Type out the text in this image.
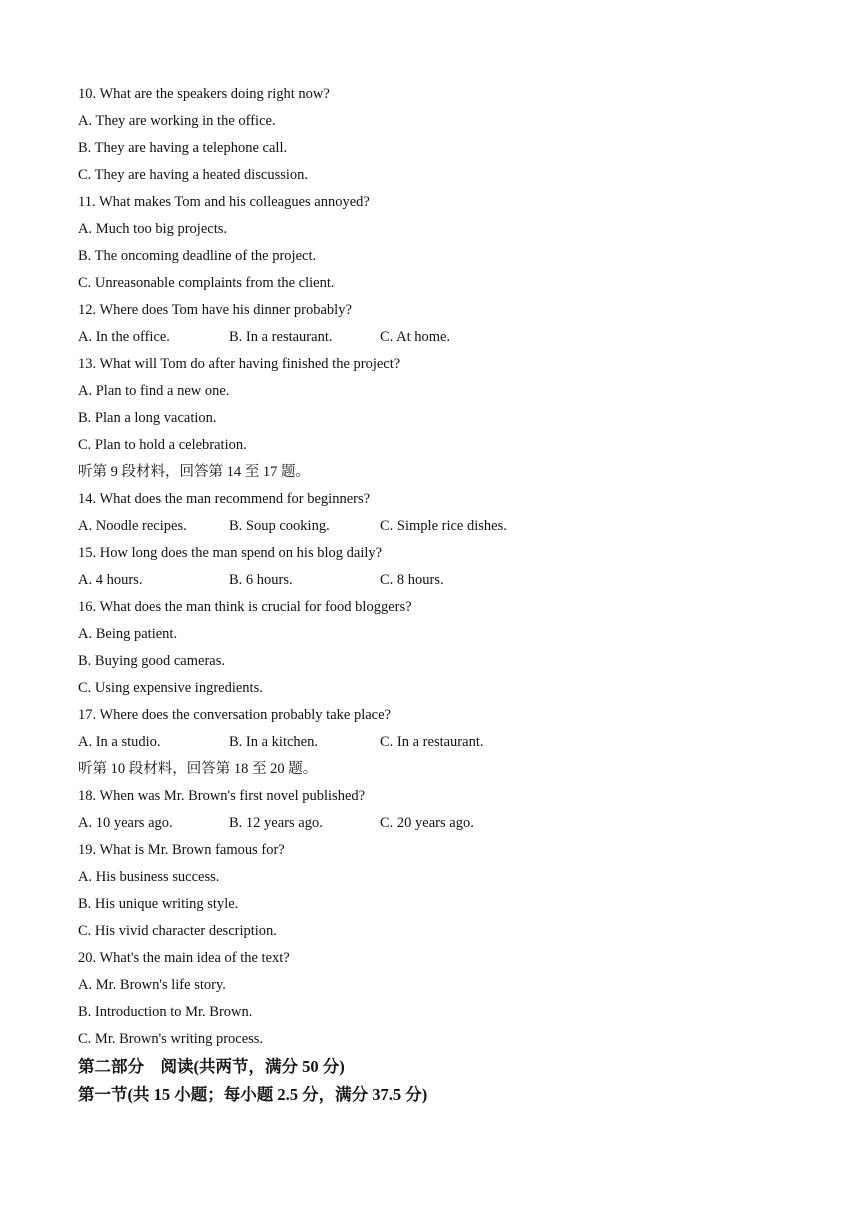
10. What are the speakers doing right now?
A. They are working in the office.
B. They are having a telephone call.
C. They are having a heated discussion.
11. What makes Tom and his colleagues annoyed?
A. Much too big projects.
B. The oncoming deadline of the project.
C. Unreasonable complaints from the client.
12. Where does Tom have his dinner probably?
A. In the office.	B. In a restaurant.	C. At home.
13. What will Tom do after having finished the project?
A. Plan to find a new one.
B. Plan a long vacation.
C. Plan to hold a celebration.
听第 9 段材料，回答第 14 至 17 题。
14. What does the man recommend for beginners?
A. Noodle recipes.	B. Soup cooking.	C. Simple rice dishes.
15. How long does the man spend on his blog daily?
A. 4 hours.	B. 6 hours.	C. 8 hours.
16. What does the man think is crucial for food bloggers?
A. Being patient.
B. Buying good cameras.
C. Using expensive ingredients.
17. Where does the conversation probably take place?
A. In a studio.	B. In a kitchen.	C. In a restaurant.
听第 10 段材料，回答第 18 至 20 题。
18. When was Mr. Brown's first novel published?
A. 10 years ago.	B. 12 years ago.	C. 20 years ago.
19. What is Mr. Brown famous for?
A. His business success.
B. His unique writing style.
C. His vivid character description.
20. What's the main idea of the text?
A. Mr. Brown's life story.
B. Introduction to Mr. Brown.
C. Mr. Brown's writing process.
第二部分　阅读(共两节，满分 50 分)
第一节(共 15 小题；每小题 2.5 分，满分 37.5 分)
